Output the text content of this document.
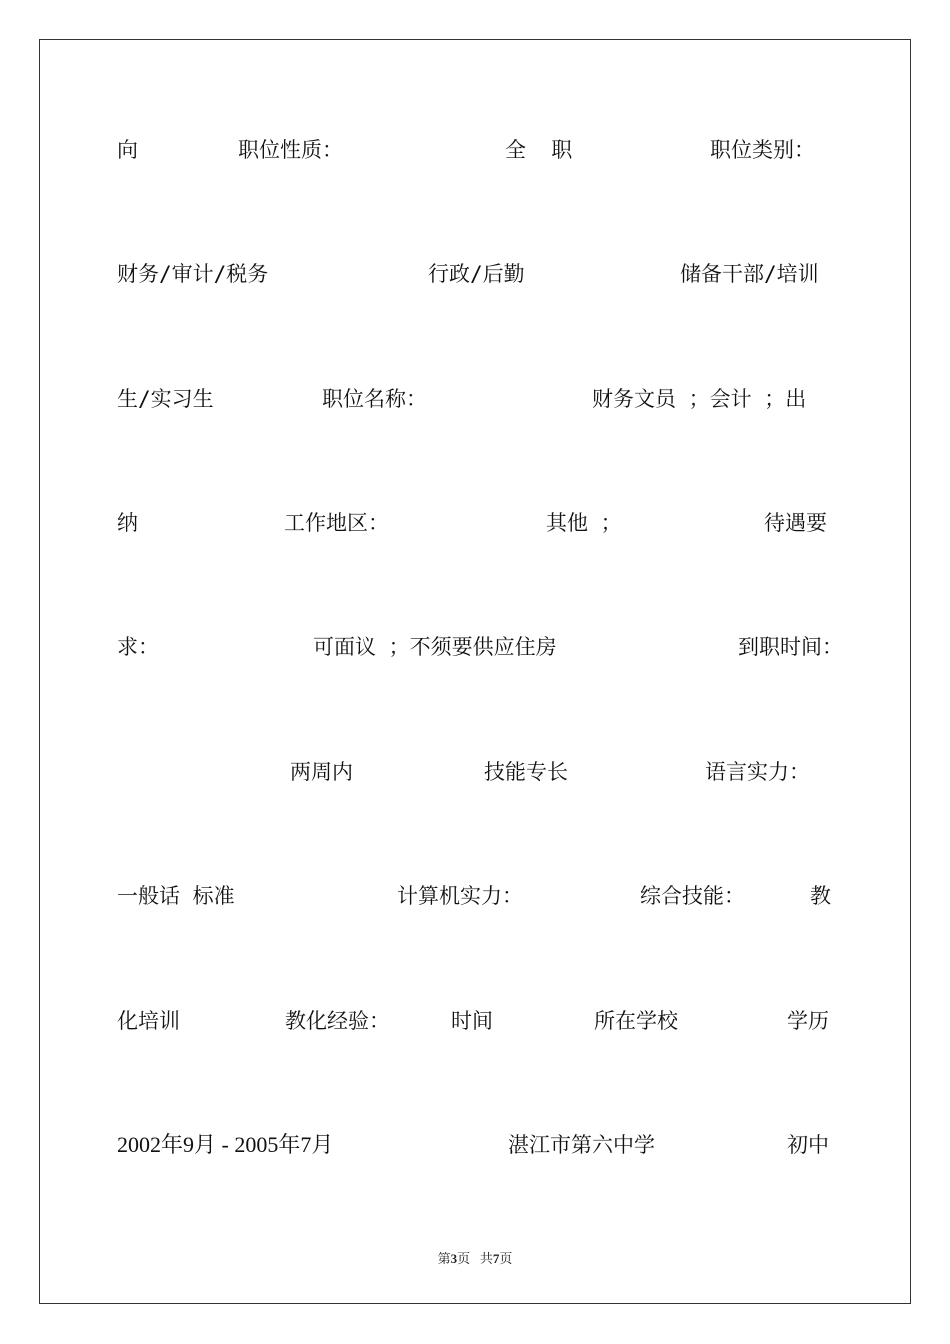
向	职位性质：	全  职	职位类别：
财务/审计/税务	行政/后勤	储备干部/培训
生/实习生	职位名称：	财务文员 ；会计 ；出
纳	工作地区：	其他 ；	待遇要
求：	可面议 ；不须要供应住房	到职时间：
两周内	技能专长	语言实力：
一般话 标准	计算机实力：	综合技能：	教
化培训	教化经验：	时间	所在学校	学历
2002年9月 - 2005年7月	湛江市第六中学	初中
第3页 共7页
